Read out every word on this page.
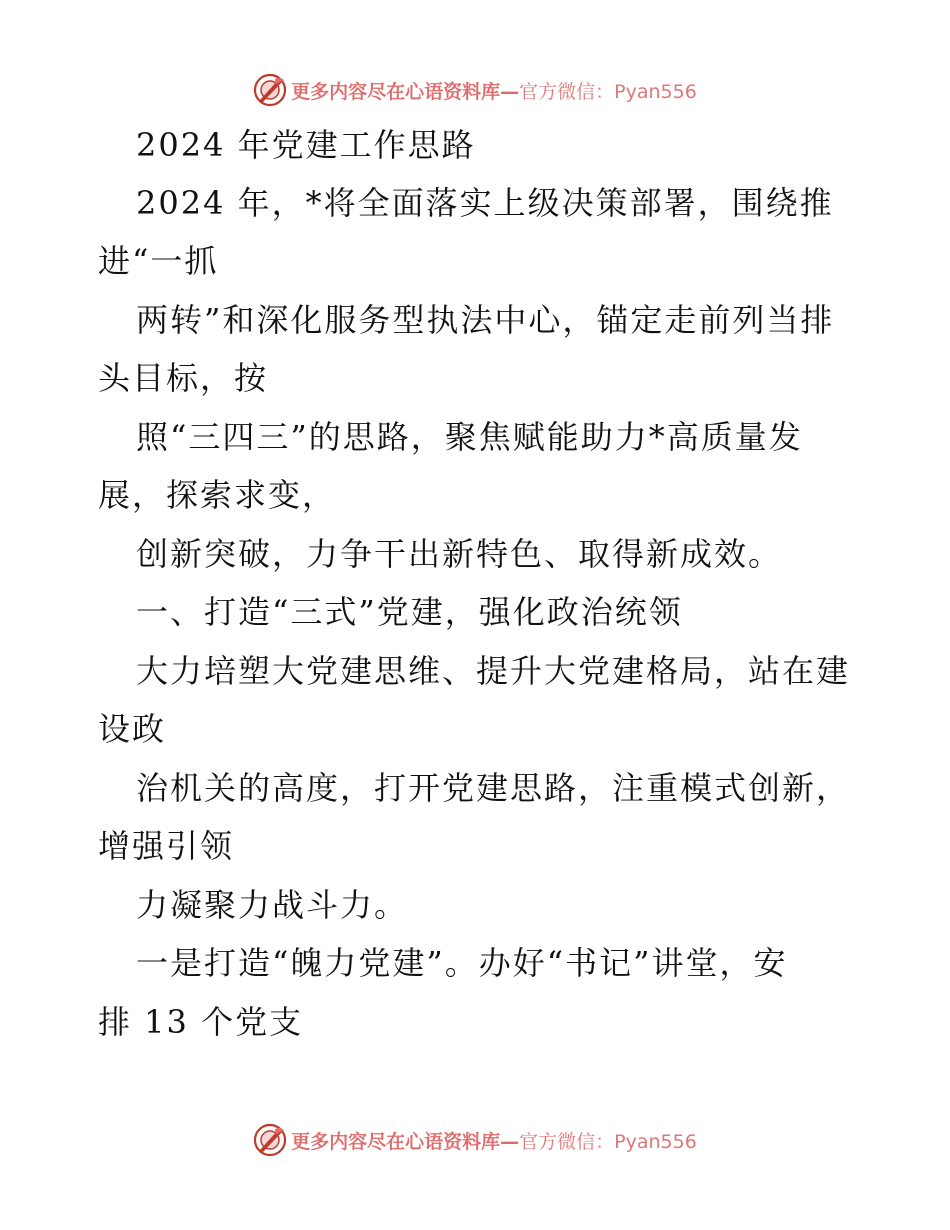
更多内容尽在心语资料库—官方微信：Pyan556
2024 年党建工作思路
2024 年，*将全面落实上级决策部署，围绕推
进“一抓
两转”和深化服务型执法中心，锚定走前列当排
头目标，按
照“三四三”的思路，聚焦赋能助力*高质量发
展，探索求变，
创新突破，力争干出新特色、取得新成效。
一、打造“三式”党建，强化政治统领
大力培塑大党建思维、提升大党建格局，站在建
设政
治机关的高度，打开党建思路，注重模式创新，
增强引领
力凝聚力战斗力。
一是打造“魄力党建”。办好“书记”讲堂，安
排 13 个党支
更多内容尽在心语资料库—官方微信：Pyan556
